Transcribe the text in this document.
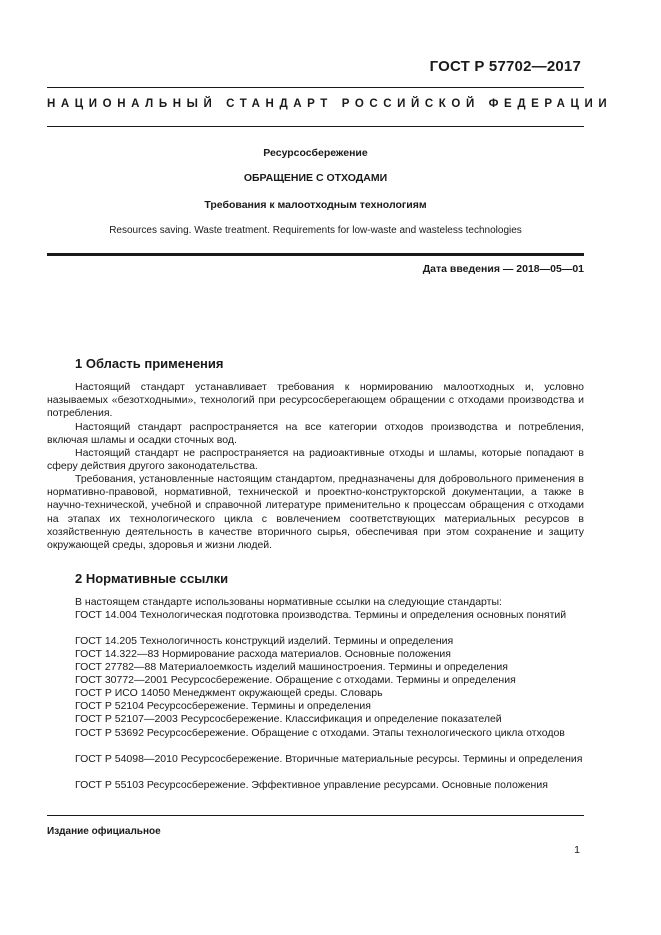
ГОСТ Р 57702—2017
НАЦИОНАЛЬНЫЙ СТАНДАРТ РОССИЙСКОЙ ФЕДЕРАЦИИ
Ресурсосбережение
ОБРАЩЕНИЕ С ОТХОДАМИ
Требования к малоотходным технологиям
Resources saving. Waste treatment. Requirements for low-waste and wasteless technologies
Дата введения — 2018—05—01
1 Область применения

Настоящий стандарт устанавливает требования к нормированию малоотходных и, условно называемых «безотходными», технологий при ресурсосберегающем обращении с отходами производства и потребления.

Настоящий стандарт распространяется на все категории отходов производства и потребления, включая шламы и осадки сточных вод.

Настоящий стандарт не распространяется на радиоактивные отходы и шламы, которые попадают в сферу действия другого законодательства.

Требования, установленные настоящим стандартом, предназначены для добровольного применения в нормативно-правовой, нормативной, технической и проектно-конструкторской документации, а также в научно-технической, учебной и справочной литературе применительно к процессам обращения с отходами на этапах их технологического цикла с вовлечением соответствующих материальных ресурсов в хозяйственную деятельность в качестве вторичного сырья, обеспечивая при этом сохранение и защиту окружающей среды, здоровья и жизни людей.

2 Нормативные ссылки

В настоящем стандарте использованы нормативные ссылки на следующие стандарты:

ГОСТ 14.004 Технологическая подготовка производства. Термины и определения основных понятий

ГОСТ 14.205 Технологичность конструкций изделий. Термины и определения

ГОСТ 14.322—83 Нормирование расхода материалов. Основные положения

ГОСТ 27782—88 Материалоемкость изделий машиностроения. Термины и определения

ГОСТ 30772—2001 Ресурсосбережение. Обращение с отходами. Термины и определения

ГОСТ Р ИСО 14050 Менеджмент окружающей среды. Словарь

ГОСТ Р 52104 Ресурсосбережение. Термины и определения

ГОСТ Р 52107—2003 Ресурсосбережение. Классификация и определение показателей

ГОСТ Р 53692 Ресурсосбережение. Обращение с отходами. Этапы технологического цикла отходов

ГОСТ Р 54098—2010 Ресурсосбережение. Вторичные материальные ресурсы. Термины и определения

ГОСТ Р 55103 Ресурсосбережение. Эффективное управление ресурсами. Основные положения

Издание официальное
1
